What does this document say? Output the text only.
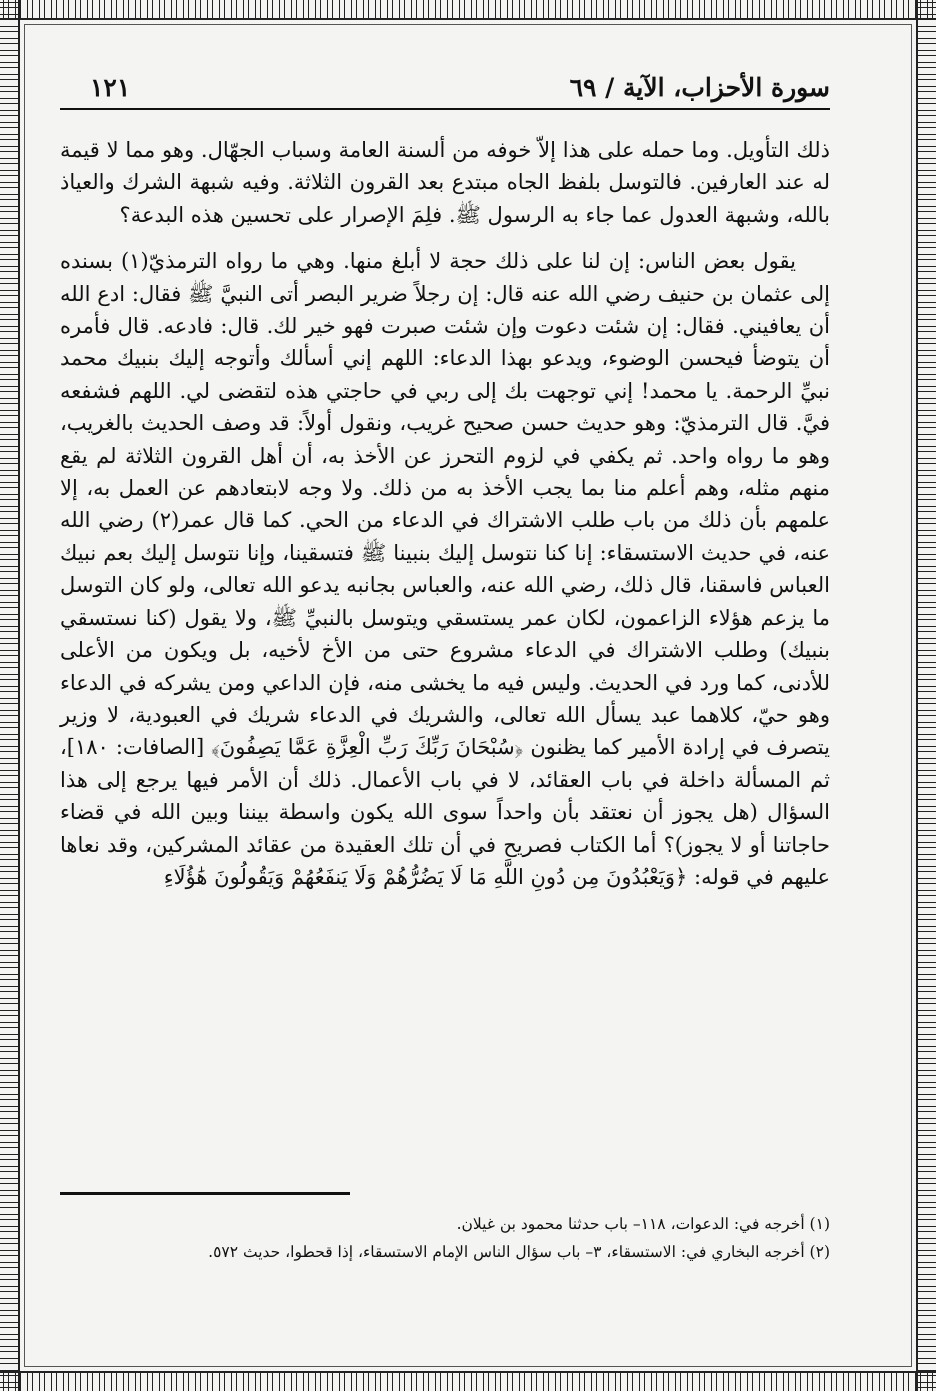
سورة الأحزاب، الآية / ٦٩
١٢١

ذلك التأويل. وما حمله على هذا إلاّ خوفه من ألسنة العامة وسباب الجهّال. وهو مما لا قيمة له عند العارفين. فالتوسل بلفظ الجاه مبتدع بعد القرون الثلاثة. وفيه شبهة الشرك والعياذ بالله، وشبهة العدول عما جاء به الرسول ﷺ. فلِمَ الإصرار على تحسين هذه البدعة؟

يقول بعض الناس: إن لنا على ذلك حجة لا أبلغ منها. وهي ما رواه الترمذيّ(١) بسنده إلى عثمان بن حنيف رضي الله عنه قال: إن رجلاً ضرير البصر أتى النبيَّ ﷺ فقال: ادع الله أن يعافيني. فقال: إن شئت دعوت وإن شئت صبرت فهو خير لك. قال: فادعه. قال فأمره أن يتوضأ فيحسن الوضوء، ويدعو بهذا الدعاء: اللهم إني أسألك وأتوجه إليك بنبيك محمد نبيِّ الرحمة. يا محمد! إني توجهت بك إلى ربي في حاجتي هذه لتقضى لي. اللهم فشفعه فيَّ. قال الترمذيّ: وهو حديث حسن صحيح غريب، ونقول أولاً: قد وصف الحديث بالغريب، وهو ما رواه واحد. ثم يكفي في لزوم التحرز عن الأخذ به، أن أهل القرون الثلاثة لم يقع منهم مثله، وهم أعلم منا بما يجب الأخذ به من ذلك. ولا وجه لابتعادهم عن العمل به، إلا علمهم بأن ذلك من باب طلب الاشتراك في الدعاء من الحي. كما قال عمر(٢) رضي الله عنه، في حديث الاستسقاء: إنا كنا نتوسل إليك بنبينا ﷺ فتسقينا، وإنا نتوسل إليك بعم نبيك العباس فاسقنا، قال ذلك، رضي الله عنه، والعباس بجانبه يدعو الله تعالى، ولو كان التوسل ما يزعم هؤلاء الزاعمون، لكان عمر يستسقي ويتوسل بالنبيِّ ﷺ، ولا يقول (كنا نستسقي بنبيك) وطلب الاشتراك في الدعاء مشروع حتى من الأخ لأخيه، بل ويكون من الأعلى للأدنى، كما ورد في الحديث. وليس فيه ما يخشى منه، فإن الداعي ومن يشركه في الدعاء وهو حيّ، كلاهما عبد يسأل الله تعالى، والشريك في الدعاء شريك في العبودية، لا وزير يتصرف في إرادة الأمير كما يظنون ﴿سُبْحَانَ رَبِّكَ رَبِّ الْعِزَّةِ عَمَّا يَصِفُونَ﴾ [الصافات: ١٨٠]، ثم المسألة داخلة في باب العقائد، لا في باب الأعمال. ذلك أن الأمر فيها يرجع إلى هذا السؤال (هل يجوز أن نعتقد بأن واحداً سوى الله يكون واسطة بيننا وبين الله في قضاء حاجاتنا أو لا يجوز)؟ أما الكتاب فصريح في أن تلك العقيدة من عقائد المشركين، وقد نعاها عليهم في قوله: ﴿وَيَعْبُدُونَ مِن دُونِ اللَّهِ مَا لَا يَضُرُّهُمْ وَلَا يَنفَعُهُمْ وَيَقُولُونَ هَٰؤُلَاءِ

(١) أخرجه في: الدعوات، ١١٨– باب حدثنا محمود بن غيلان.

(٢) أخرجه البخاري في: الاستسقاء، ٣– باب سؤال الناس الإمام الاستسقاء، إذا قحطوا، حديث ٥٧٢.
